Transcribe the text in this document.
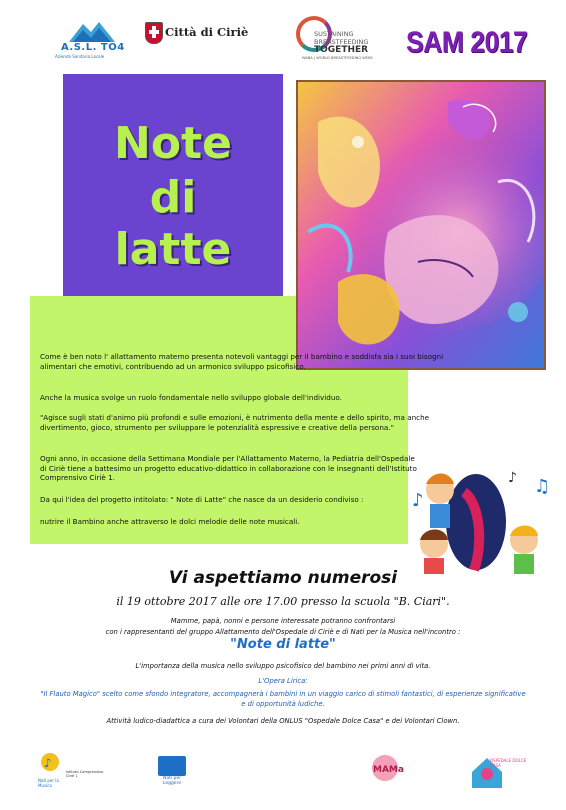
A.S.L. TO4
Azienda Sanitaria Locale
Città di Ciriè	SUSTAINING
BREASTFEEDING
TOGETHER
WABA | WORLD BREASTFEEDING WEEK SAM 2017
Note
di
latte
Come è ben noto l' allattamento materno presenta notevoli vantaggi per il bambino e soddisfa sia i suoi bisogni alimentari che emotivi, contribuendo ad un armonico sviluppo psicofisico.
Anche la musica svolge un ruolo fondamentale nello sviluppo globale dell'individuo.
"Agisce sugli stati d'animo più profondi e sulle emozioni, è nutrimento della mente e dello spirito, ma anche divertimento, gioco, strumento per sviluppare le potenzialità espressive e creative della persona."
Ogni anno, in occasione della Settimana Mondiale per l'Allattamento Materno, la Pediatria dell'Ospedale di Ciriè tiene a battesimo un progetto educativo-didattico in collaborazione con le insegnanti dell'Istituto Comprensivo Ciriè 1.
Da qui l'idea del progetto intitolato: " Note di Latte" che nasce da un desiderio condiviso :
nutrire il Bambino anche attraverso le dolci melodie delle note musicali.
♪
♫
♪
Vi aspettiamo numerosi
il 19 ottobre 2017 alle ore 17.00 presso la scuola "B. Ciari".
Mamme, papà, nonni e persone interessate potranno confrontarsi
con i rappresentanti del gruppo Allattamento dell'Ospedale di Ciriè e di Nati per la Musica nell'incontro :
"Note di latte"
L'importanza della musica nello sviluppo psicofisico del bambino nei primi anni di vita.
L'Opera Lirica:
"Il Flauto Magico" scelto come sfondo integratore, accompagnerà i bambini in un viaggio carico di stimoli fantastici, di esperienze significative e di opportunità ludiche.
Attività ludico-diadattica a cura dei Volontari della ONLUS "Ospedale Dolce Casa" e dei Volontari Clown.
♪
Nati per la Musica
Istituto Comprensivo Ciriè 1	Nati per Leggere
MAMa
OSPEDALE DOLCE CASA
